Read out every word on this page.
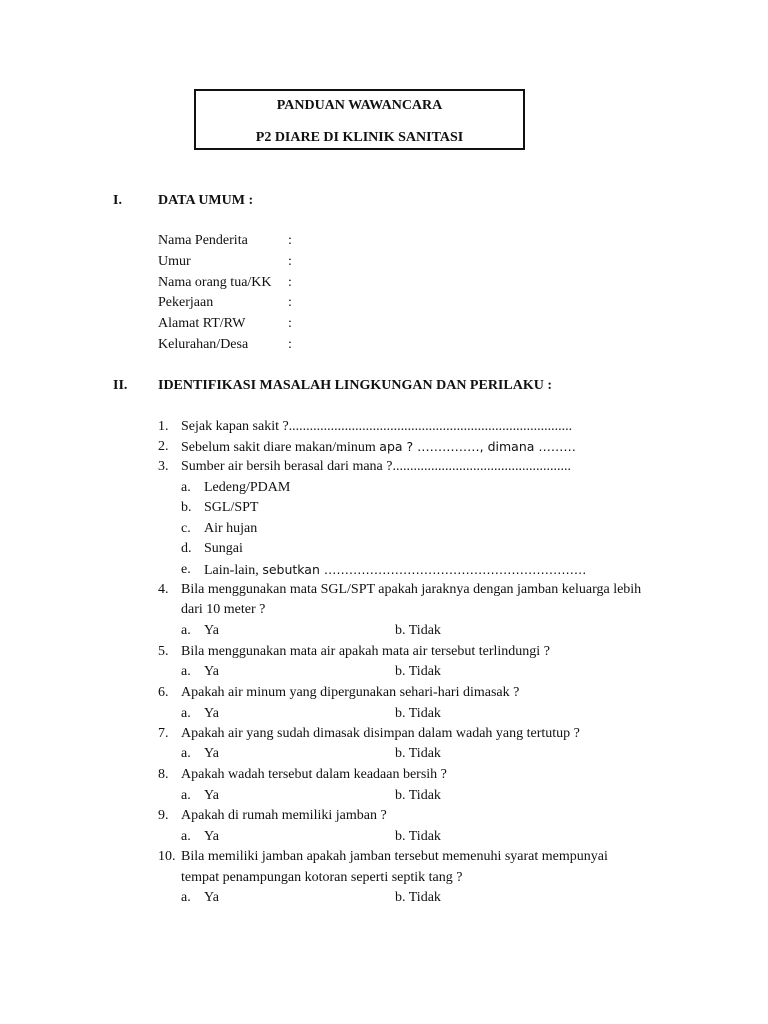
PANDUAN WAWANCARA
P2 DIARE DI KLINIK SANITASI
I.	DATA UMUM :
Nama Penderita	:
Umur	:
Nama orang tua/KK :
Pekerjaan	:
Alamat RT/RW	:
Kelurahan/Desa	:
II. IDENTIFIKASI MASALAH LINGKUNGAN DAN PERILAKU :
1. Sejak kapan sakit ?.................................................................................
2. Sebelum sakit diare makan/minum apa ? ……………, dimana ………
3. Sumber air bersih berasal dari mana ?...................................................
a. Ledeng/PDAM
b. SGL/SPT
c. Air hujan
d. Sungai
e. Lain-lain, sebutkan ………………………………………………………
4. Bila menggunakan mata SGL/SPT apakah jaraknya dengan jamban keluarga lebih
dari 10 meter ?
a. Ya	b. Tidak
5. Bila menggunakan mata air apakah mata air tersebut terlindungi ?
a. Ya	b. Tidak
6. Apakah air minum yang dipergunakan sehari-hari dimasak ?
a. Ya	b. Tidak
7. Apakah air yang sudah dimasak disimpan dalam wadah yang tertutup ?
a. Ya	b. Tidak
8. Apakah wadah tersebut dalam keadaan bersih ?
a. Ya	b. Tidak
9. Apakah di rumah memiliki jamban ?
a. Ya	b. Tidak
10. Bila memiliki jamban apakah jamban tersebut memenuhi syarat mempunyai
tempat penampungan kotoran seperti septik tang ?
a. Ya	b. Tidak
